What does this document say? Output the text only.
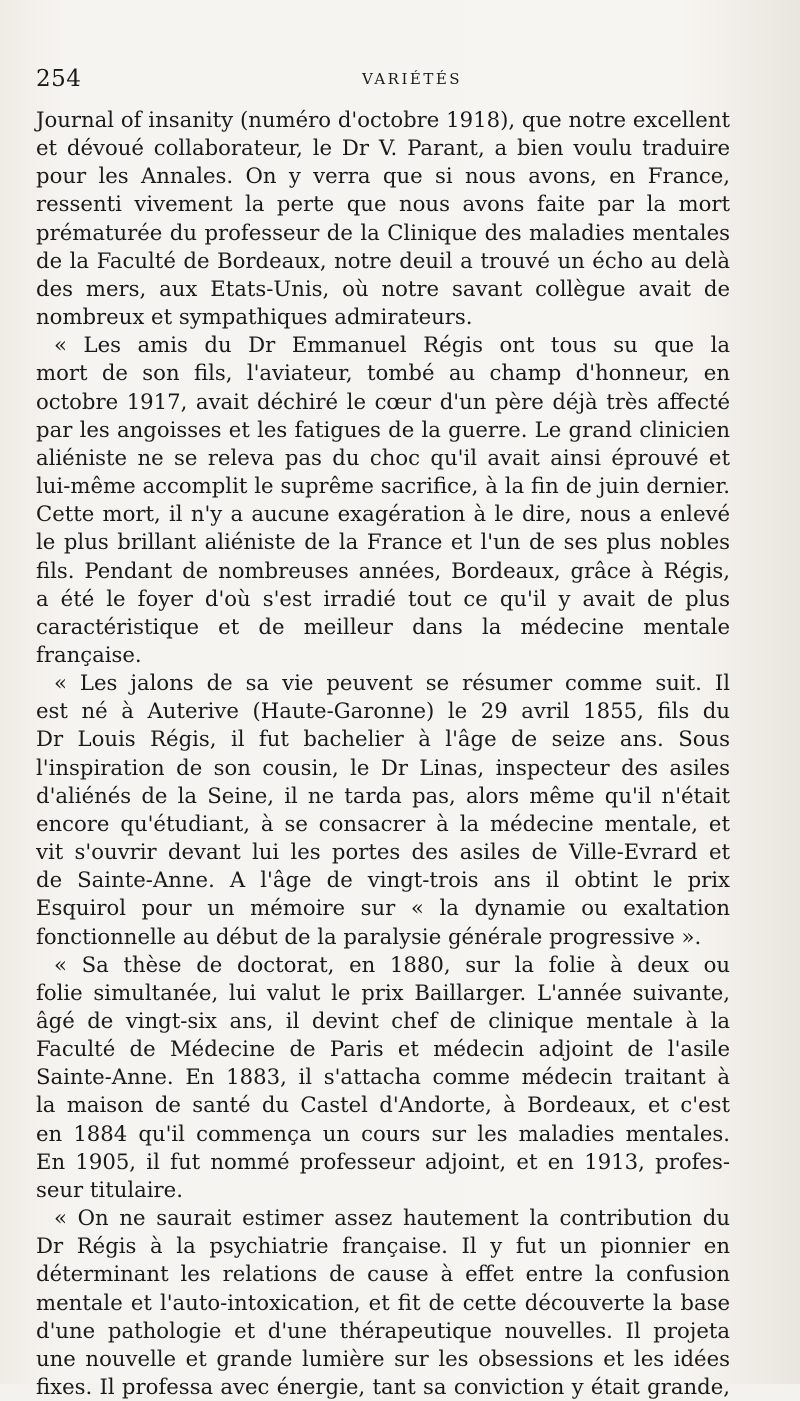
254	VARIÉTÉS
Journal of insanity (numéro d'octobre 1918), que notre excellent
et dévoué collaborateur, le Dr V. Parant, a bien voulu traduire
pour les Annales. On y verra que si nous avons, en France,
ressenti vivement la perte que nous avons faite par la mort
prématurée du professeur de la Clinique des maladies mentales
de la Faculté de Bordeaux, notre deuil a trouvé un écho au delà
des mers, aux Etats-Unis, où notre savant collègue avait de
nombreux et sympathiques admirateurs.
« Les amis du Dr Emmanuel Régis ont tous su que la
mort de son fils, l'aviateur, tombé au champ d'honneur, en
octobre 1917, avait déchiré le cœur d'un père déjà très affecté
par les angoisses et les fatigues de la guerre. Le grand clinicien
aliéniste ne se releva pas du choc qu'il avait ainsi éprouvé et
lui-même accomplit le suprême sacrifice, à la fin de juin dernier.
Cette mort, il n'y a aucune exagération à le dire, nous a enlevé
le plus brillant aliéniste de la France et l'un de ses plus nobles
fils. Pendant de nombreuses années, Bordeaux, grâce à Régis,
a été le foyer d'où s'est irradié tout ce qu'il y avait de plus
caractéristique et de meilleur dans la médecine mentale
française.
« Les jalons de sa vie peuvent se résumer comme suit. Il
est né à Auterive (Haute-Garonne) le 29 avril 1855, fils du
Dr Louis Régis, il fut bachelier à l'âge de seize ans. Sous
l'inspiration de son cousin, le Dr Linas, inspecteur des asiles
d'aliénés de la Seine, il ne tarda pas, alors même qu'il n'était
encore qu'étudiant, à se consacrer à la médecine mentale, et
vit s'ouvrir devant lui les portes des asiles de Ville-Evrard et
de Sainte-Anne. A l'âge de vingt-trois ans il obtint le prix
Esquirol pour un mémoire sur « la dynamie ou exaltation
fonctionnelle au début de la paralysie générale progressive ».
« Sa thèse de doctorat, en 1880, sur la folie à deux ou
folie simultanée, lui valut le prix Baillarger. L'année suivante,
âgé de vingt-six ans, il devint chef de clinique mentale à la
Faculté de Médecine de Paris et médecin adjoint de l'asile
Sainte-Anne. En 1883, il s'attacha comme médecin traitant à
la maison de santé du Castel d'Andorte, à Bordeaux, et c'est
en 1884 qu'il commença un cours sur les maladies mentales.
En 1905, il fut nommé professeur adjoint, et en 1913, profes-
seur titulaire.
« On ne saurait estimer assez hautement la contribution du
Dr Régis à la psychiatrie française. Il y fut un pionnier en
déterminant les relations de cause à effet entre la confusion
mentale et l'auto-intoxication, et fit de cette découverte la base
d'une pathologie et d'une thérapeutique nouvelles. Il projeta
une nouvelle et grande lumière sur les obsessions et les idées
fixes. Il professa avec énergie, tant sa conviction y était grande,
